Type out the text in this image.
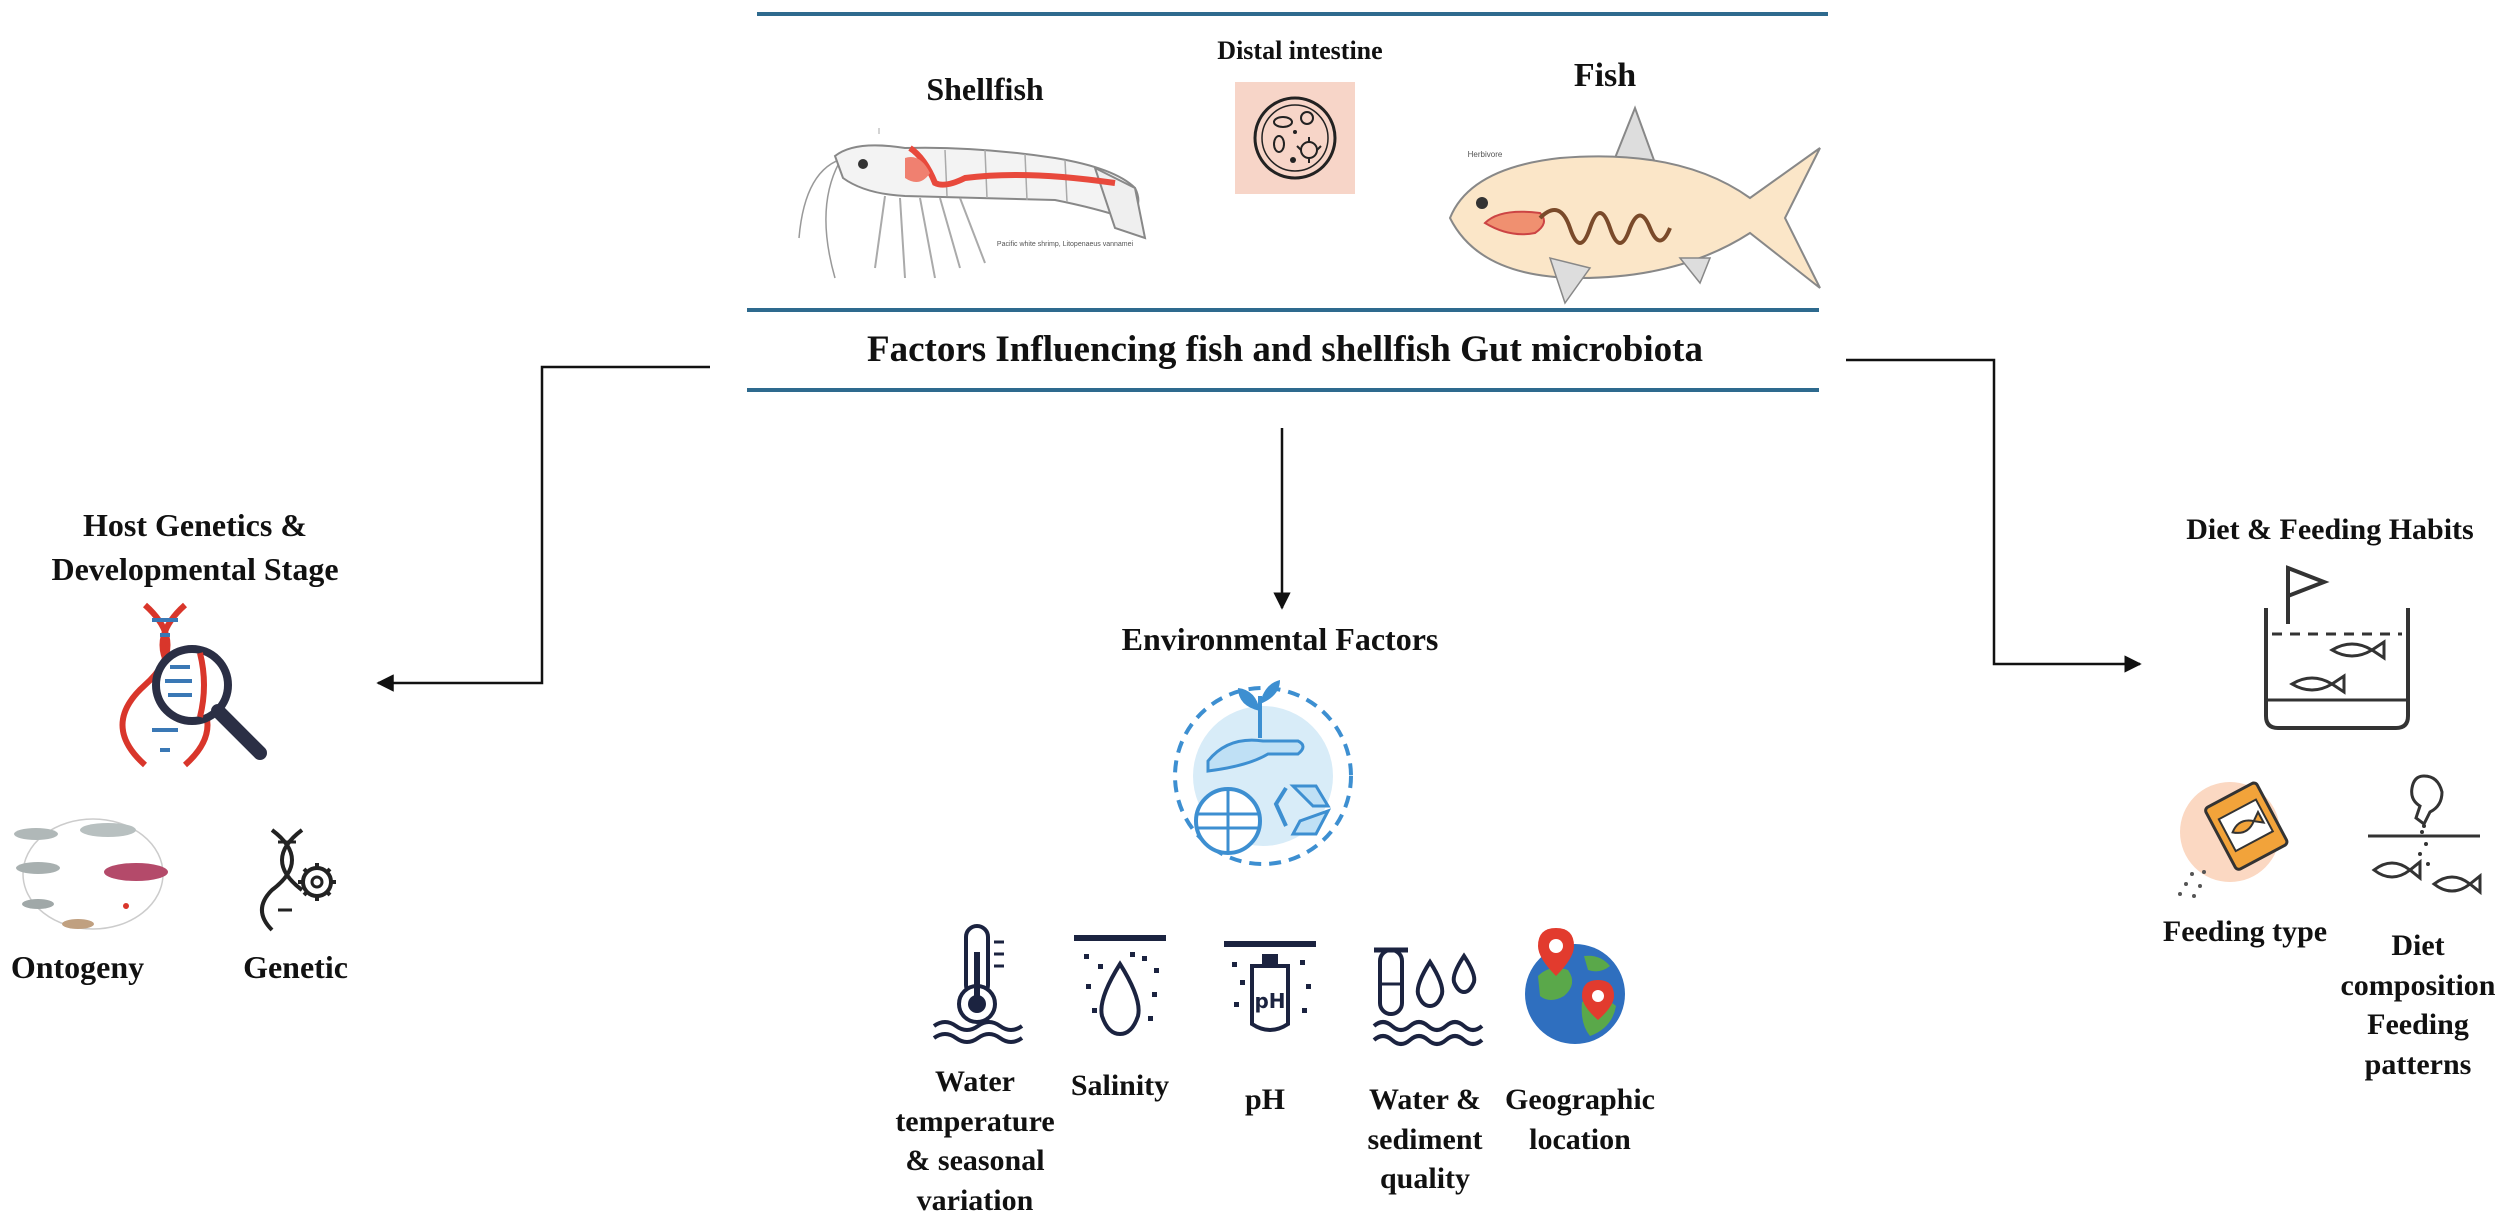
Shellfish
Distal intestine
Fish
Factors Influencing fish and shellfish Gut microbiota
Pacific white shrimp, Litopenaeus vannamei
Herbivore
Host Genetics &
Developmental Stage
Ontogeny	Genetic
Environmental Factors
pH
Water
temperature
& seasonal
variation
Salinity	pH	Water &
sediment
quality
Geographic
location
Diet & Feeding Habits
Feeding type	Diet
composition
Feeding
patterns
